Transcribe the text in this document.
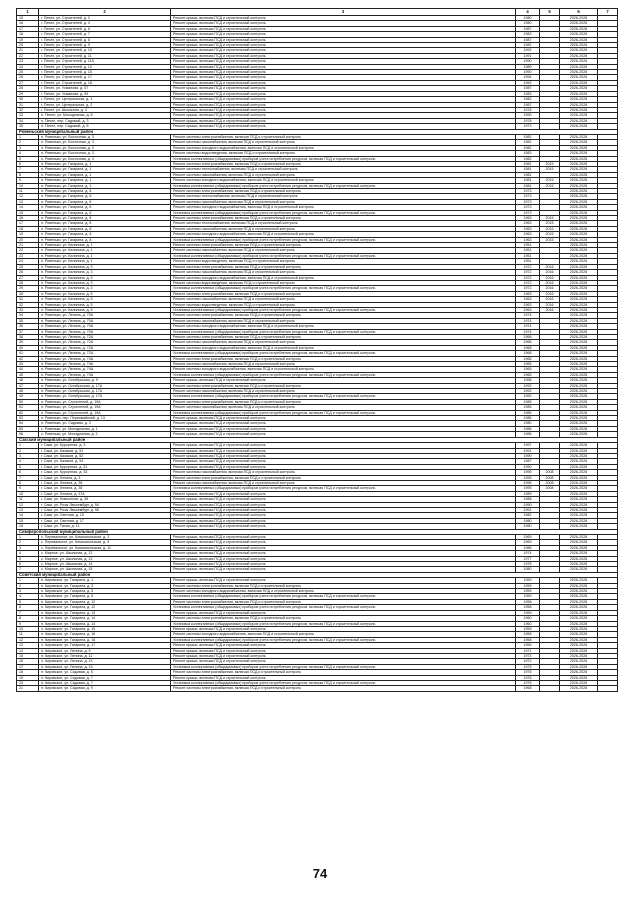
1	2	3	4	5	6	7
15	г. Печел, ул. Строителей, д. 2	Ремонт крыши, включая ПСД и строительный контроль	1980		2026-2028	
16	г. Печел, ул. Строителей, д. 4	Ремонт крыши, включая ПСД и строительный контроль	1980		2026-2028	
17	г. Печел, ул. Строителей, д. 6	Ремонт крыши, включая ПСД и строительный контроль	1987		2026-2028	
18	г. Печел, ул. Строителей, д. 7	Ремонт крыши, включая ПСД и строительный контроль	1982		2026-2028	
19	г. Печел, ул. Строителей, д. 8	Ремонт крыши, включая ПСД и строительный контроль	1987		2026-2028	
20	г. Печел, ул. Строителей, д. 9	Ремонт крыши, включая ПСД и строительный контроль	1982		2026-2028	
21	г. Печел, ул. Строителей, д. 10	Ремонт крыши, включая ПСД и строительный контроль	1992		2026-2028	
22	г. Печел, ул. Строителей, д. 11	Ремонт крыши, включая ПСД и строительный контроль	1991		2026-2028	
23	г. Печел, ул. Строителей, д. 11А	Ремонт крыши, включая ПСД и строительный контроль	1990		2026-2028	
24	г. Печел, ул. Строителей, д. 12	Ремонт крыши, включая ПСД и строительный контроль	1989		2026-2028	
25	г. Печел, ул. Строителей, д. 15	Ремонт крыши, включая ПСД и строительный контроль	1990		2026-2028	
26	г. Печел, ул. Строителей, д. 17	Ремонт крыши, включая ПСД и строительный контроль	1994		2026-2028	
27	г. Печел, ул. Строителей, д. 18	Ремонт крыши, включая ПСД и строительный контроль	1992		2026-2028	
28	г. Печел, ул. Усманова, д. 57	Ремонт крыши, включая ПСД и строительный контроль	1987		2026-2028	
29	г. Печел, ул. Усманова, д. 59	Ремонт крыши, включая ПСД и строительный контроль	1983		2026-2028	
30	г. Печел, ул. Центральная, д. 1	Ремонт крыши, включая ПСД и строительный контроль	1982		2026-2028	
31	г. Печел, ул. Центральная, д. 2	Ремонт крыши, включая ПСД и строительный контроль	1987		2026-2028	
32	г. Печел, ул. Школьная, д. 3	Ремонт крыши, включая ПСД и строительный контроль	1976		2026-2028	
33	п. Печел, ул. Молодежная, д. 8	Ремонт крыши, включая ПСД и строительный контроль	1990		2026-2028	
34	п. Печел, пер. Садовый, д. 3	Ремонт крыши, включая ПСД и строительный контроль	1978		2026-2028	
35	п. Печел, пер. Садовый, д. 6	Ремонт крыши, включая ПСД и строительный контроль	1973		2026-2028	
Ровеньский муниципальный район						
1	п. Ровеньки, ул. Восточная, д. 3	Ремонт системы электроснабжения, включая ПСД и строительный контроль	1982		2026-2028	
2	п. Ровеньки, ул. Восточная, д. 3	Ремонт системы газоснабжения, включая ПСД и строительный контроль	1982		2026-2028	
3	п. Ровеньки, ул. Восточная, д. 3	Ремонт системы холодного водоснабжения, включая ПСД и строительный контроль	1982		2026-2028	
4	п. Ровеньки, ул. Восточная, д. 3	Ремонт системы водоотведения, включая ПСД и строительный контроль	1983		2026-2028	
5	п. Ровеньки, ул. Восточная, д. 3	Установка коллективных (общедомовых) приборов учета потребления ресурсов, включая ПСД и строительный контроль	1982		2026-2028	
6	п. Ровеньки, ул. Гагарина, д. 1	Ремонт системы электроснабжения, включая ПСД и строительный контроль	1981	2015	2026-2028	
7	п. Ровеньки, ул. Гагарина, д. 1	Ремонт системы теплоснабжения, включая ПСД и строительный контроль	1981	2015	2026-2028	
8	п. Ровеньки, ул. Гагарина, д. 1	Ремонт системы газоснабжения, включая ПСД и строительный контроль	1981		2026-2028	
9	п. Ровеньки, ул. Гагарина, д. 1	Ремонт системы холодного водоснабжения, включая ПСД и строительный контроль	1981	2015	2026-2028	
10	п. Ровеньки, ул. Гагарина, д. 1	Установка коллективных (общедомовых) приборов учета потребления ресурсов, включая ПСД и строительный контроль	1981	2015	2026-2028	
11	п. Ровеньки, ул. Гагарина, д. 6	Ремонт системы электроснабжения, включая ПСД и строительный контроль	1973		2026-2028	
12	п. Ровеньки, ул. Гагарина, д. 6	Ремонт системы теплоснабжения, включая ПСД и строительный контроль	1973		2026-2028	
13	п. Ровеньки, ул. Гагарина, д. 6	Ремонт системы газоснабжения, включая ПСД и строительный контроль	1973		2026-2028	
14	п. Ровеньки, ул. Гагарина, д. 6	Ремонт системы холодного водоснабжения, включая ПСД и строительный контроль	1973		2026-2028	
15	п. Ровеньки, ул. Гагарина, д. 6	Установка коллективных (общедомовых) приборов учета потребления ресурсов, включая ПСД и строительный контроль	1973		2026-2028	
16	п. Ровеньки, ул. Гагарина, д. 8	Ремонт системы электроснабжения, включая ПСД и строительный контроль	1963	2015	2026-2028	
17	п. Ровеньки, ул. Гагарина, д. 8	Ремонт системы теплоснабжения, включая ПСД и строительный контроль	1963	2015	2026-2028	
18	п. Ровеньки, ул. Гагарина, д. 8	Ремонт системы газоснабжения, включая ПСД и строительный контроль	1963	2015	2026-2028	
19	п. Ровеньки, ул. Гагарина, д. 8	Ремонт системы холодного водоснабжения, включая ПСД и строительный контроль	1963	2015	2026-2028	
20	п. Ровеньки, ул. Гагарина, д. 8	Установка коллективных (общедомовых) приборов учета потребления ресурсов, включая ПСД и строительный контроль	1963	2015	2026-2028	
21	п. Ровеньки, ул. Калинина, д. 1	Ремонт системы электроснабжения, включая ПСД и строительный контроль	1951		2026-2028	
22	п. Ровеньки, ул. Калинина, д. 1	Ремонт системы газоснабжения, включая ПСД и строительный контроль	1951		2026-2028	
23	п. Ровеньки, ул. Калинина, д. 1	Установка коллективных (общедомовых) приборов учета потребления ресурсов, включая ПСД и строительный контроль	1951		2026-2028	
24	п. Ровеньки, ул. Калинина, д. 1	Ремонт системы водоотведения, включая ПСД и строительный контроль	1951		2026-2028	
25	п. Ровеньки, ул. Калинина, д. 3	Ремонт системы электроснабжения, включая ПСД и строительный контроль	1972	2016	2026-2028	
26	п. Ровеньки, ул. Калинина, д. 3	Ремонт системы газоснабжения, включая ПСД и строительный контроль	1972	2016	2026-2028	
27	п. Ровеньки, ул. Калинина, д. 3	Ремонт системы холодного водоснабжения, включая ПСД и строительный контроль	1972	2016	2026-2028	
28	п. Ровеньки, ул. Калинина, д. 3	Ремонт системы водоотведения, включая ПСД и строительный контроль	1972	2016	2026-2028	
29	п. Ровеньки, ул. Калинина, д. 3	Установка коллективных (общедомовых) приборов учета потребления ресурсов, включая ПСД и строительный контроль	1972	2016	2026-2028	
30	п. Ровеньки, ул. Калинина, д. 5	Ремонт системы электроснабжения, включая ПСД и строительный контроль	1963	2016	2026-2028	
31	п. Ровеньки, ул. Калинина, д. 5	Ремонт системы газоснабжения, включая ПСД и строительный контроль	1963	2016	2026-2028	
32	п. Ровеньки, ул. Калинина, д. 5	Ремонт системы водоотведения, включая ПСД и строительный контроль	1963	2016	2026-2028	
33	п. Ровеньки, ул. Калинина, д. 5	Установка коллективных (общедомовых) приборов учета потребления ресурсов, включая ПСД и строительный контроль	1963	2016	2026-2028	
34	п. Ровеньки, ул. Ленина, д. 70А	Ремонт системы электроснабжения, включая ПСД и строительный контроль	1974		2026-2028	
35	п. Ровеньки, ул. Ленина, д. 70А	Ремонт системы газоснабжения, включая ПСД и строительный контроль	1974		2026-2028	
36	п. Ровеньки, ул. Ленина, д. 70А	Ремонт системы холодного водоснабжения, включая ПСД и строительный контроль	1974		2026-2028	
37	п. Ровеньки, ул. Ленина, д. 70А	Установка коллективных (общедомовых) приборов учета потребления ресурсов, включая ПСД и строительный контроль	1974		2026-2028	
38	п. Ровеньки, ул. Ленина, д. 72А	Ремонт системы электроснабжения, включая ПСД и строительный контроль	1968		2026-2028	
39	п. Ровеньки, ул. Ленина, д. 72А	Ремонт системы газоснабжения, включая ПСД и строительный контроль	1968		2026-2028	
40	п. Ровеньки, ул. Ленина, д. 72А	Ремонт системы холодного водоснабжения, включая ПСД и строительный контроль	1968		2026-2028	
41	п. Ровеньки, ул. Ленина, д. 72А	Установка коллективных (общедомовых) приборов учета потребления ресурсов, включая ПСД и строительный контроль	1968		2026-2028	
42	п. Ровеньки, ул. Ленина, д. 74А	Ремонт системы электроснабжения, включая ПСД и строительный контроль	1965		2026-2028	
43	п. Ровеньки, ул. Ленина, д. 74А	Ремонт системы газоснабжения, включая ПСД и строительный контроль	1965		2026-2028	
44	п. Ровеньки, ул. Ленина, д. 74А	Ремонт системы холодного водоснабжения, включая ПСД и строительный контроль	1965		2026-2028	
45	п. Ровеньки, ул. Ленина, д. 74А	Установка коллективных (общедомовых) приборов учета потребления ресурсов, включая ПСД и строительный контроль	1965		2026-2028	
46	п. Ровеньки, ул. Октябрьская, д. 9	Ремонт крыши, включая ПСД и строительный контроль	1958		2026-2028	
47	п. Ровеньки, ул. Октябрьская, д. 17А	Ремонт системы электроснабжения, включая ПСД и строительный контроль	1992		2026-2028	
48	п. Ровеньки, ул. Октябрьская, д. 17А	Ремонт системы газоснабжения, включая ПСД и строительный контроль	1992		2026-2028	
49	п. Ровеньки, ул. Октябрьская, д. 17А	Установка коллективных (общедомовых) приборов учета потребления ресурсов, включая ПСД и строительный контроль	1992		2026-2028	
50	п. Ровеньки, ул. Строителей, д. 19А	Ремонт системы электроснабжения, включая ПСД и строительный контроль	1985		2026-2028	
51	п. Ровеньки, ул. Строителей, д. 19А	Ремонт системы газоснабжения, включая ПСД и строительный контроль	1985		2026-2028	
52	п. Ровеньки, ул. Строителей, д. 19А	Установка коллективных (общедомовых) приборов учета потребления ресурсов, включая ПСД и строительный контроль	1985		2026-2028	
53	п. Ровеньки, пер. Первомайский, д. 13	Ремонт крыши, включая ПСД и строительный контроль	1986		2026-2028	
54	п. Ровеньки, ул. Садовая, д. 3	Ремонт крыши, включая ПСД и строительный контроль	1980		2026-2028	
55	с. Ровеньки, ул. Молодежная, д. 1	Ремонт крыши, включая ПСД и строительный контроль	1986		2026-2028	
56	с. Ровеньки, ул. Молодежная, д. 2	Ремонт крыши, включая ПСД и строительный контроль	1988		2026-2028	
Сакский муниципальный район						
1	г. Саки, ул. Курортная, д. 3	Ремонт крыши, включая ПСД и строительный контроль	1997		2026-2028	
2	г. Саки, ул. Казаков, д. 51	Ремонт крыши, включая ПСД и строительный контроль	1991		2026-2028	
3	г. Саки, ул. Казаков, д. 52	Ремонт крыши, включая ПСД и строительный контроль	1990		2026-2028	
4	г. Саки, ул. Казаков, д. 54	Ремонт крыши, включая ПСД и строительный контроль	1987		2026-2028	
5	г. Саки, ул. Курортная, д. 51	Ремонт крыши, включая ПСД и строительный контроль	1990		2026-2028	
6	г. Саки, ул. Курортная, д. 53	Ремонт системы газоснабжения, включая ПСД и строительный контроль	1995	2008	2026-2028	
7	г. Саки, ул. Ленина, д. 3	Ремонт системы электроснабжения, включая ПСД и строительный контроль	1995	2008	2026-2028	
8	г. Саки, ул. Ленина, д. 36	Ремонт системы газоснабжения, включая ПСД и строительный контроль	1995	2008	2026-2028	
9	г. Саки, ул. Ленина, д. 36	Установка коллективных (общедомовых) приборов учета потребления ресурсов, включая ПСД и строительный контроль	1995	2008	2026-2028	
10	г. Саки, ул. Ленина, д. 37А	Ремонт крыши, включая ПСД и строительный контроль	1989		2026-2028	
11	г. Саки, ул. Новоселов, д. 38	Ремонт крыши, включая ПСД и строительный контроль	1988		2026-2028	
12	г. Саки, ул. Розы Люксембург, д. 54	Ремонт крыши, включая ПСД и строительный контроль	1990		2026-2028	
13	г. Саки, ул. Розы Люксембург, д. 56	Ремонт крыши, включая ПСД и строительный контроль	1991		2026-2028	
14	г. Саки, ул. Светлая, д. 15	Ремонт крыши, включая ПСД и строительный контроль	1982		2026-2028	
15	г. Саки, ул. Светлая, д. 17	Ремонт крыши, включая ПСД и строительный контроль	1980		2026-2028	
16	г. Саки, ул. Тихая, д. 11	Ремонт крыши, включая ПСД и строительный контроль	1990		2026-2028	
Симферопольский муниципальный район						
1	с. Перевальное, ул. Комсомольская, д. 3	Ремонт крыши, включая ПСД и строительный контроль	1969		2026-2028	
2	с. Перевальное, ул. Комсомольская, д. 5	Ремонт крыши, включая ПСД и строительный контроль	1969		2026-2028	
3	с. Перевальное, ул. Комсомольская, д. 11	Ремонт крыши, включая ПСД и строительный контроль	1986		2026-2028	
4	с. Мирное, ул. Школьная, д. 12	Ремонт крыши, включая ПСД и строительный контроль	1974		2026-2028	
5	с. Мирное, ул. Школьная, д. 13	Ремонт крыши, включая ПСД и строительный контроль	1977		2026-2028	
6	с. Мирное, ул. Школьная, д. 14	Ремонт крыши, включая ПСД и строительный контроль	1978		2026-2028	
7	с. Мирное, ул. Школьная, д. 15	Ремонт крыши, включая ПСД и строительный контроль	1980		2026-2028	
Советский муниципальный район						
1	п. Кировское, ул. Гагарина, д. 1	Ремонт крыши, включая ПСД и строительный контроль	1959		2026-2028	
2	п. Кировское, ул. Гагарина, д. 3	Ремонт системы электроснабжения, включая ПСД и строительный контроль	1959		2026-2028	
3	п. Кировское, ул. Гагарина, д. 5	Ремонт системы холодного водоснабжения, включая ПСД и строительный контроль	1959		2026-2028	
4	п. Кировское, ул. Гагарина, д. 5	Установка коллективных (общедомовых) приборов учета потребления ресурсов, включая ПСД и строительный контроль	1959		2026-2028	
5	п. Кировское, ул. Гагарина, д. 12	Ремонт системы электроснабжения, включая ПСД и строительный контроль	1958		2026-2028	
6	п. Кировское, ул. Гагарина, д. 12	Установка коллективных (общедомовых) приборов учета потребления ресурсов, включая ПСД и строительный контроль	1958		2026-2028	
7	п. Кировское, ул. Гагарина, д. 13	Ремонт крыши, включая ПСД и строительный контроль	1959		2026-2028	
8	п. Кировское, ул. Гагарина, д. 14	Ремонт системы электроснабжения, включая ПСД и строительный контроль	1960		2026-2028	
9	п. Кировское, ул. Гагарина, д. 14	Установка коллективных (общедомовых) приборов учета потребления ресурсов, включая ПСД и строительный контроль	1960		2026-2028	
10	п. Кировское, ул. Гагарина, д. 15	Ремонт крыши, включая ПСД и строительный контроль	1959		2026-2028	
11	п. Кировское, ул. Гагарина, д. 16	Ремонт системы холодного водоснабжения, включая ПСД и строительный контроль	1958		2026-2028	
12	п. Кировское, ул. Гагарина, д. 16	Установка коллективных (общедомовых) приборов учета потребления ресурсов, включая ПСД и строительный контроль	1958		2026-2028	
13	п. Кировское, ул. Гагарина, д. 17	Ремонт крыши, включая ПСД и строительный контроль	1959		2026-2028	
14	п. Кировское, ул. Ленина, д. 9	Ремонт крыши, включая ПСД и строительный контроль	1971		2026-2028	
15	п. Кировское, ул. Ленина, д. 11	Ремонт крыши, включая ПСД и строительный контроль	1973		2026-2028	
16	п. Кировское, ул. Ленина, д. 13	Ремонт крыши, включая ПСД и строительный контроль	1972		2026-2028	
17	п. Кировское, ул. Ленина, д. 15	Установка коллективных (общедомовых) приборов учета потребления ресурсов, включая ПСД и строительный контроль	1975		2026-2028	
18	п. Кировское, ул. Садовая, д. 5	Ремонт системы электроснабжения, включая ПСД и строительный контроль	1976		2026-2028	
19	п. Кировское, ул. Садовая, д. 7	Ремонт крыши, включая ПСД и строительный контроль	1976		2026-2028	
20	п. Кировское, ул. Садовая, д. 7	Установка коллективных (общедомовых) приборов учета потребления ресурсов, включая ПСД и строительный контроль	1976		2026-2028	
21	п. Кировское, ул. Садовая, д. 9	Ремонт системы электроснабжения, включая ПСД и строительный контроль	1968		2026-2028	
74
